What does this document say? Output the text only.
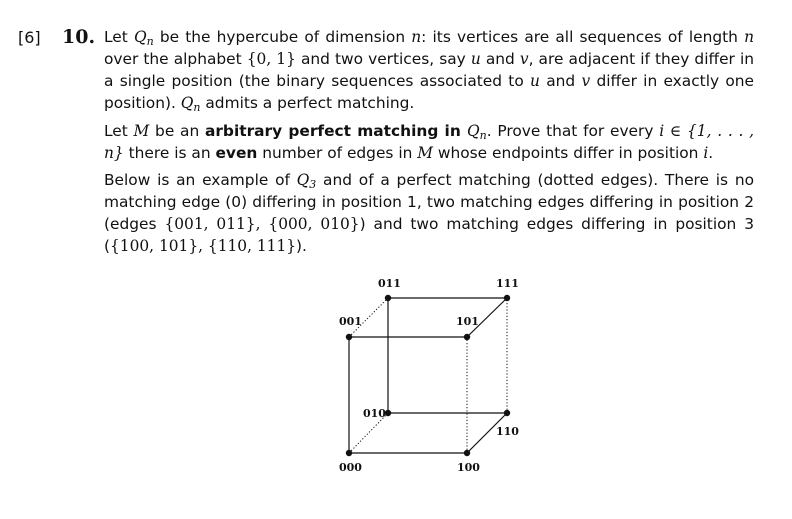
[6] 10. Let $Q_n$ be the hypercube of dimension n: its vertices are all sequences of length n over the alphabet {0, 1} and two vertices, say u and v, are adjacent if they differ in a single position (the binary sequences associated to u and v differ in exactly one position). $Q_n$ admits a perfect matching.
Let M be an arbitrary perfect matching in $Q_n$. Prove that for every i ∈ {1, . . . , n} there is an even number of edges in M whose endpoints differ in position i.
Below is an example of $Q_3$ and of a perfect matching (dotted edges). There is no matching edge (0) differing in position 1, two matching edges differing in position 2 (edges {001, 011}, {000, 010}) and two matching edges differing in position 3 ({100, 101}, {110, 111}).
000
001
010
011
100
101
110
111
